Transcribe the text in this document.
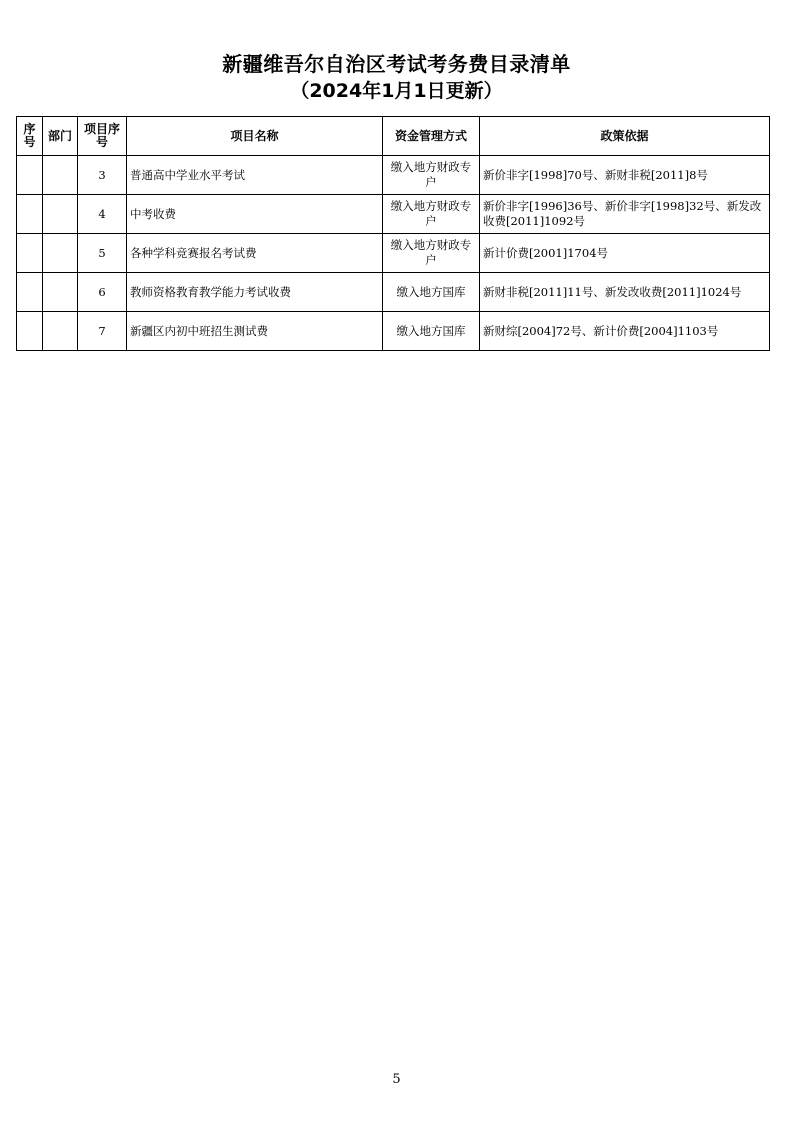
新疆维吾尔自治区考试考务费目录清单
（2024年1月1日更新）
序号	部门	项目序号	项目名称	资金管理方式	政策依据
		3	普通高中学业水平考试	缴入地方财政专户	新价非字[1998]70号、新财非税[2011]8号
		4	中考收费	缴入地方财政专户	新价非字[1996]36号、新价非字[1998]32号、新发改收费[2011]1092号
		5	各种学科竞赛报名考试费	缴入地方财政专户	新计价费[2001]1704号
		6	教师资格教育教学能力考试收费	缴入地方国库	新财非税[2011]11号、新发改收费[2011]1024号
		7	新疆区内初中班招生测试费	缴入地方国库	新财综[2004]72号、新计价费[2004]1103号
5
